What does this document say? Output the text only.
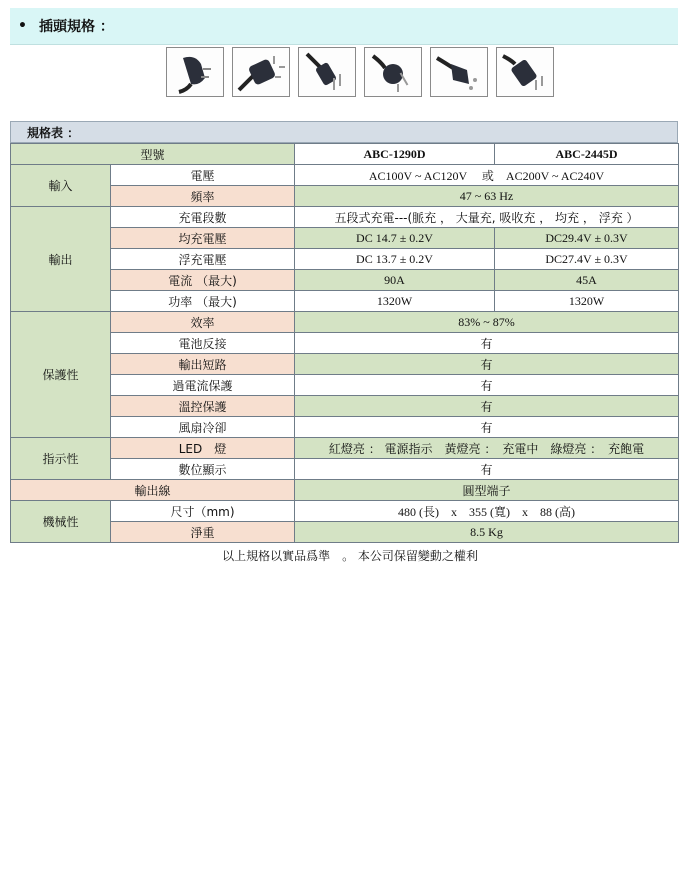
• 插頭規格 ：
規格表 ：
型號		ABC-1290D	ABC-2445D
輸入	電壓	AC100V ~ AC120V　 或　AC200V ~ AC240V	
	頻率	47 ~ 63 Hz	
輸出	充電段數	五段式充電---(脈充 ， 大量充, 吸收充 ， 均充 ， 浮充 ）	
	均充電壓	DC 14.7 ± 0.2V	DC29.4V ± 0.3V
	浮充電壓	DC 13.7 ± 0.2V	DC27.4V ± 0.3V
	電流 （最大)	90A	45A
	功率 （最大)	1320W	1320W
保護性	效率	83% ~ 87%	
	電池反接	有	
	輸出短路	有	
	過電流保護	有	
	溫控保護	有	
	風扇冷卻	有	
指示性	LED　燈	紅燈亮 ： 電源指示　黃燈亮 ：　充電中　綠燈亮 ：　充飽電	
	數位顯示	有	
輸出線		圓型端子	
機械性	尺寸（mm)	480 (長)　x　355 (寬)　x　88 (高)	
	淨重	8.5 Kg	
以上規格以實品爲準　。 本公司保留變動之權利
